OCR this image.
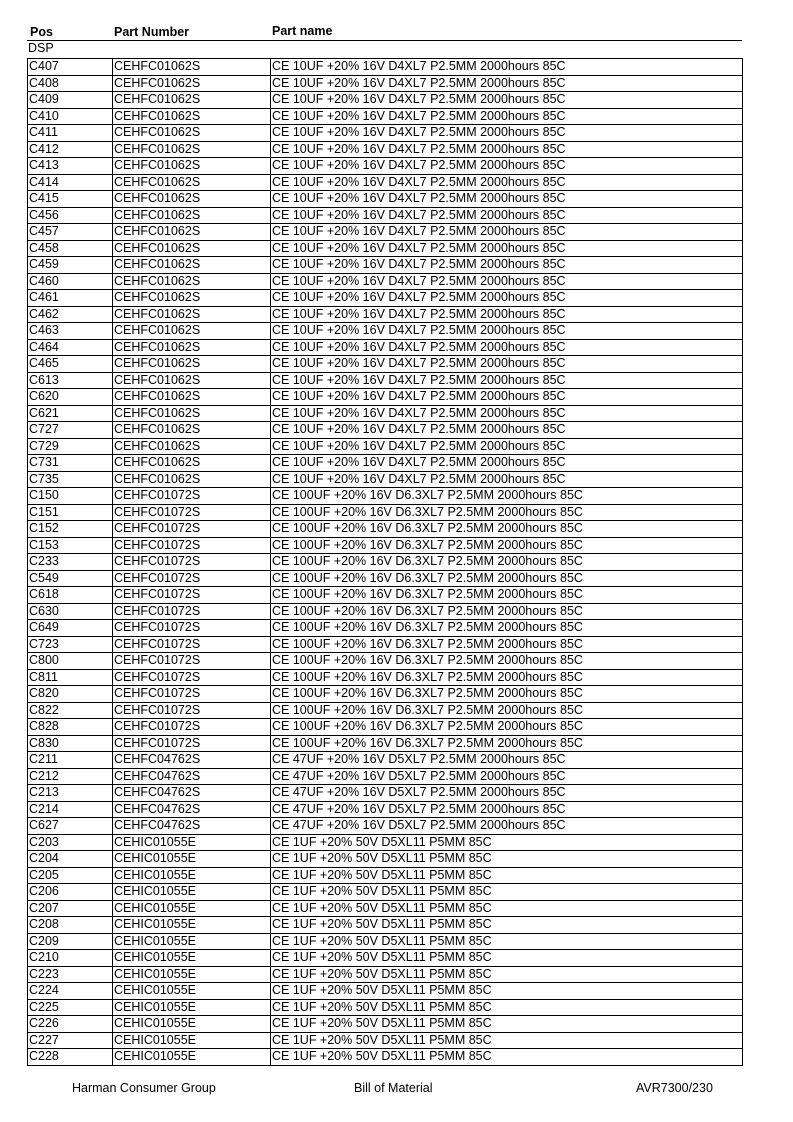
Pos	Part Number	Part name
DSP
C407	CEHFC01062S	CE 10UF +20% 16V D4XL7 P2.5MM 2000hours 85C
C408	CEHFC01062S	CE 10UF +20% 16V D4XL7 P2.5MM 2000hours 85C
C409	CEHFC01062S	CE 10UF +20% 16V D4XL7 P2.5MM 2000hours 85C
C410	CEHFC01062S	CE 10UF +20% 16V D4XL7 P2.5MM 2000hours 85C
C411	CEHFC01062S	CE 10UF +20% 16V D4XL7 P2.5MM 2000hours 85C
C412	CEHFC01062S	CE 10UF +20% 16V D4XL7 P2.5MM 2000hours 85C
C413	CEHFC01062S	CE 10UF +20% 16V D4XL7 P2.5MM 2000hours 85C
C414	CEHFC01062S	CE 10UF +20% 16V D4XL7 P2.5MM 2000hours 85C
C415	CEHFC01062S	CE 10UF +20% 16V D4XL7 P2.5MM 2000hours 85C
C456	CEHFC01062S	CE 10UF +20% 16V D4XL7 P2.5MM 2000hours 85C
C457	CEHFC01062S	CE 10UF +20% 16V D4XL7 P2.5MM 2000hours 85C
C458	CEHFC01062S	CE 10UF +20% 16V D4XL7 P2.5MM 2000hours 85C
C459	CEHFC01062S	CE 10UF +20% 16V D4XL7 P2.5MM 2000hours 85C
C460	CEHFC01062S	CE 10UF +20% 16V D4XL7 P2.5MM 2000hours 85C
C461	CEHFC01062S	CE 10UF +20% 16V D4XL7 P2.5MM 2000hours 85C
C462	CEHFC01062S	CE 10UF +20% 16V D4XL7 P2.5MM 2000hours 85C
C463	CEHFC01062S	CE 10UF +20% 16V D4XL7 P2.5MM 2000hours 85C
C464	CEHFC01062S	CE 10UF +20% 16V D4XL7 P2.5MM 2000hours 85C
C465	CEHFC01062S	CE 10UF +20% 16V D4XL7 P2.5MM 2000hours 85C
C613	CEHFC01062S	CE 10UF +20% 16V D4XL7 P2.5MM 2000hours 85C
C620	CEHFC01062S	CE 10UF +20% 16V D4XL7 P2.5MM 2000hours 85C
C621	CEHFC01062S	CE 10UF +20% 16V D4XL7 P2.5MM 2000hours 85C
C727	CEHFC01062S	CE 10UF +20% 16V D4XL7 P2.5MM 2000hours 85C
C729	CEHFC01062S	CE 10UF +20% 16V D4XL7 P2.5MM 2000hours 85C
C731	CEHFC01062S	CE 10UF +20% 16V D4XL7 P2.5MM 2000hours 85C
C735	CEHFC01062S	CE 10UF +20% 16V D4XL7 P2.5MM 2000hours 85C
C150	CEHFC01072S	CE 100UF +20% 16V D6.3XL7 P2.5MM 2000hours 85C
C151	CEHFC01072S	CE 100UF +20% 16V D6.3XL7 P2.5MM 2000hours 85C
C152	CEHFC01072S	CE 100UF +20% 16V D6.3XL7 P2.5MM 2000hours 85C
C153	CEHFC01072S	CE 100UF +20% 16V D6.3XL7 P2.5MM 2000hours 85C
C233	CEHFC01072S	CE 100UF +20% 16V D6.3XL7 P2.5MM 2000hours 85C
C549	CEHFC01072S	CE 100UF +20% 16V D6.3XL7 P2.5MM 2000hours 85C
C618	CEHFC01072S	CE 100UF +20% 16V D6.3XL7 P2.5MM 2000hours 85C
C630	CEHFC01072S	CE 100UF +20% 16V D6.3XL7 P2.5MM 2000hours 85C
C649	CEHFC01072S	CE 100UF +20% 16V D6.3XL7 P2.5MM 2000hours 85C
C723	CEHFC01072S	CE 100UF +20% 16V D6.3XL7 P2.5MM 2000hours 85C
C800	CEHFC01072S	CE 100UF +20% 16V D6.3XL7 P2.5MM 2000hours 85C
C811	CEHFC01072S	CE 100UF +20% 16V D6.3XL7 P2.5MM 2000hours 85C
C820	CEHFC01072S	CE 100UF +20% 16V D6.3XL7 P2.5MM 2000hours 85C
C822	CEHFC01072S	CE 100UF +20% 16V D6.3XL7 P2.5MM 2000hours 85C
C828	CEHFC01072S	CE 100UF +20% 16V D6.3XL7 P2.5MM 2000hours 85C
C830	CEHFC01072S	CE 100UF +20% 16V D6.3XL7 P2.5MM 2000hours 85C
C211	CEHFC04762S	CE 47UF +20% 16V D5XL7 P2.5MM 2000hours 85C
C212	CEHFC04762S	CE 47UF +20% 16V D5XL7 P2.5MM 2000hours 85C
C213	CEHFC04762S	CE 47UF +20% 16V D5XL7 P2.5MM 2000hours 85C
C214	CEHFC04762S	CE 47UF +20% 16V D5XL7 P2.5MM 2000hours 85C
C627	CEHFC04762S	CE 47UF +20% 16V D5XL7 P2.5MM 2000hours 85C
C203	CEHIC01055E	CE 1UF +20% 50V D5XL11 P5MM 85C
C204	CEHIC01055E	CE 1UF +20% 50V D5XL11 P5MM 85C
C205	CEHIC01055E	CE 1UF +20% 50V D5XL11 P5MM 85C
C206	CEHIC01055E	CE 1UF +20% 50V D5XL11 P5MM 85C
C207	CEHIC01055E	CE 1UF +20% 50V D5XL11 P5MM 85C
C208	CEHIC01055E	CE 1UF +20% 50V D5XL11 P5MM 85C
C209	CEHIC01055E	CE 1UF +20% 50V D5XL11 P5MM 85C
C210	CEHIC01055E	CE 1UF +20% 50V D5XL11 P5MM 85C
C223	CEHIC01055E	CE 1UF +20% 50V D5XL11 P5MM 85C
C224	CEHIC01055E	CE 1UF +20% 50V D5XL11 P5MM 85C
C225	CEHIC01055E	CE 1UF +20% 50V D5XL11 P5MM 85C
C226	CEHIC01055E	CE 1UF +20% 50V D5XL11 P5MM 85C
C227	CEHIC01055E	CE 1UF +20% 50V D5XL11 P5MM 85C
C228	CEHIC01055E	CE 1UF +20% 50V D5XL11 P5MM 85C
Harman Consumer Group	Bill of Material	AVR7300/230
